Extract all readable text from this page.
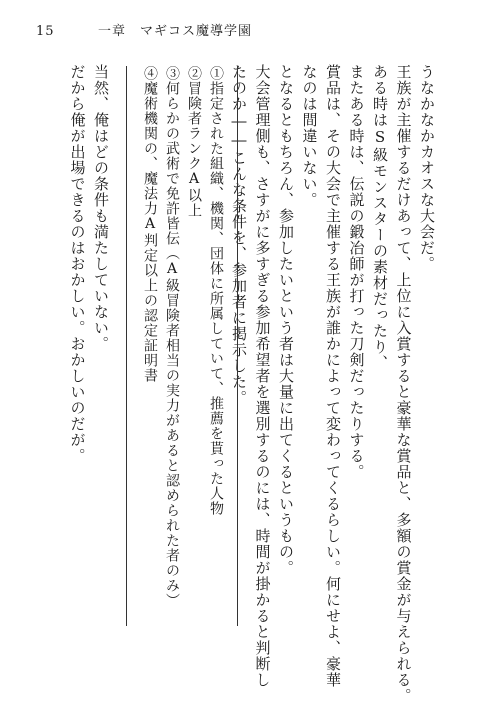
15	一章　マギコス魔導学園
うなかなかカオスな大会だ。
王族が主催するだけあって、上位に入賞すると豪華な賞品と、多額の賞金が与えられる。
ある時はS級モンスターの素材だったり、
またある時は、伝説の鍛冶師が打った刀剣だったりする。
賞品は、その大会で主催する王族が誰かによって変わってくるらしい。何にせよ、豪華
なのは間違いない。
となるともちろん、参加したいという者は大量に出てくるというもの。
大会管理側も、さすがに多すぎる参加希望者を選別するのには、時間が掛かると判断し
たのか――こんな条件を、参加者に掲示した。
①指定された組織、機関、団体に所属していて、推薦を貰った人物
②冒険者ランクA以上
③何らかの武術で免許皆伝（A級冒険者相当の実力があると認められた者のみ）
④魔術機関の、魔法力A判定以上の認定証明書
当然、俺はどの条件も満たしていない。
だから俺が出場できるのはおかしい。おかしいのだが。
